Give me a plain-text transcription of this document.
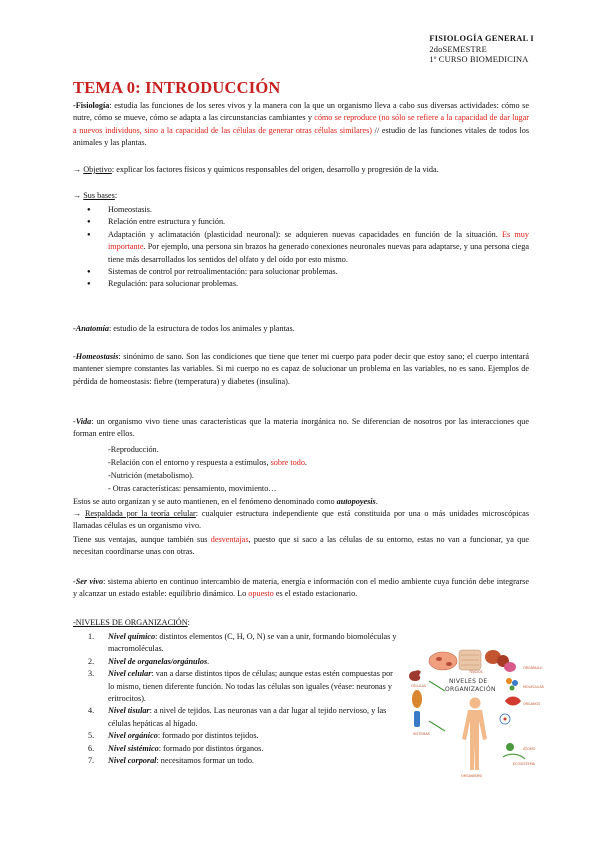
FISIOLOGÍA GENERAL I
2doSEMESTRE
1º CURSO BIOMEDICINA
TEMA 0: INTRODUCCIÓN
-Fisiología: estudia las funciones de los seres vivos y la manera con la que un organismo lleva a cabo sus diversas actividades: cómo se nutre, cómo se mueve, cómo se adapta a las circunstancias cambiantes y cómo se reproduce (no sólo se refiere a la capacidad de dar lugar a nuevos individuos, sino a la capacidad de las células de generar otras células similares) // estudio de las funciones vitales de todos los animales y las plantas.
→ Objetivo: explicar los factores físicos y químicos responsables del origen, desarrollo y progresión de la vida.
→ Sus bases:
● Homeostasis.
● Relación entre estructura y función.
● Adaptación y aclimatación (plasticidad neuronal): se adquieren nuevas capacidades en función de la situación. Es muy importante. Por ejemplo, una persona sin brazos ha generado conexiones neuronales nuevas para adaptarse, y una persona ciega tiene más desarrollados los sentidos del olfato y del oído por esto mismo.
● Sistemas de control por retroalimentación: para solucionar problemas.
● Regulación: para solucionar problemas.
-Anatomía: estudio de la estructura de todos los animales y plantas.
-Homeostasis: sinónimo de sano. Son las condiciones que tiene que tener mi cuerpo para poder decir que estoy sano; el cuerpo intentará mantener siempre constantes las variables. Si mi cuerpo no es capaz de solucionar un problema en las variables, no es sano. Ejemplos de pérdida de homeostasis: fiebre (temperatura) y diabetes (insulina).
-Vida: un organismo vivo tiene unas características que la materia inorgánica no. Se diferencian de nosotros por las interacciones que forman entre ellos.
-Reproducción.
-Relación con el entorno y respuesta a estímulos, sobre todo.
-Nutrición (metabolismo).
- Otras características: pensamiento, movimiento…
Estos se auto organizan y se auto mantienen, en el fenómeno denominado como autopoyesis.
→ Respaldada por la teoría celular: cualquier estructura independiente que está constituida por una o más unidades microscópicas llamadas células es un organismo vivo.
Tiene sus ventajas, aunque también sus desventajas, puesto que si saco a las células de su entorno, estas no van a funcionar, ya que necesitan coordinarse unas con otras.
-Ser vivo: sistema abierto en continuo intercambio de materia, energía e información con el medio ambiente cuya función debe integrarse y alcanzar un estado estable: equilibrio dinámico. Lo opuesto es el estado estacionario.
-NIVELES DE ORGANIZACIÓN:
1. Nivel químico: distintos elementos (C, H, O, N) se van a unir, formando biomoléculas y macromoléculas.
2. Nivel de organelas/orgánulos.
3. Nivel celular: van a darse distintos tipos de células; aunque estas estén compuestas por lo mismo, tienen diferente función. No todas las células son iguales (véase: neuronas y eritrocitos).
4. Nivel tisular: a nivel de tejidos. Las neuronas van a dar lugar al tejido nervioso, y las células hepáticas al hígado.
5. Nivel orgánico: formado por distintos tejidos.
6. Nivel sistémico: formado por distintos órganos.
7. Nivel corporal: necesitamos formar un todo.
CÉLULAS
TEJIDOS
ORGÁNULO
MOLÉCULAS
ÓRGANOS
ÁTOMO
SISTEMAS
ORGANISMO
ECOSISTEMA
NIVELES DE
ORGANIZACIÓN
